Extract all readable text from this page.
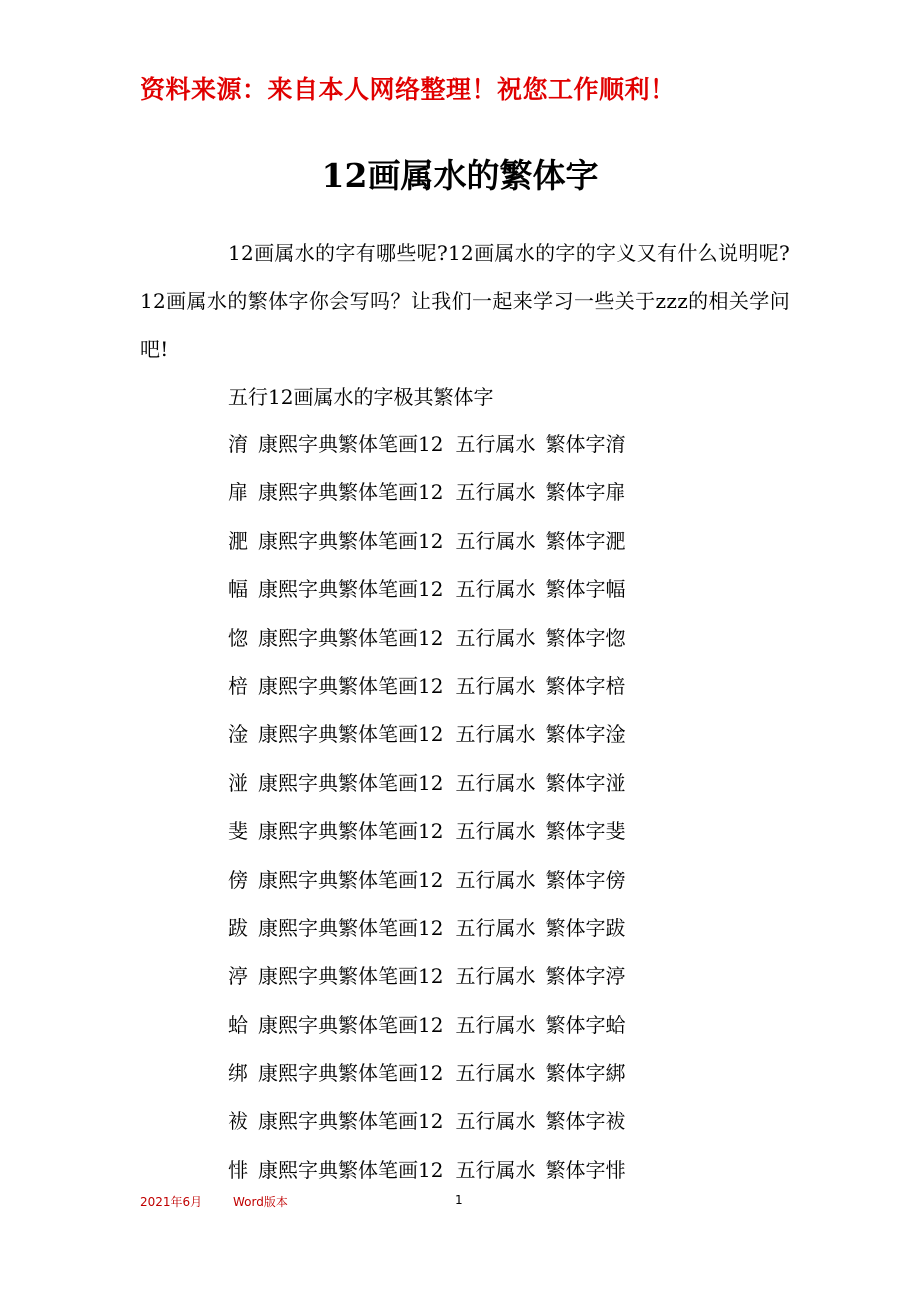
资料来源：来自本人网络整理！祝您工作顺利！
12画属水的繁体字

12画属水的字有哪些呢?12画属水的字的字义又有什么说明呢?12画属水的繁体字你会写吗？让我们一起来学习一些关于zzz的相关学问吧!

五行12画属水的字极其繁体字
淯 康熙字典繁体笔画12 五行属水 繁体字淯
扉 康熙字典繁体笔画12 五行属水 繁体字扉
淝 康熙字典繁体笔画12 五行属水 繁体字淝
幅 康熙字典繁体笔画12 五行属水 繁体字幅
惚 康熙字典繁体笔画12 五行属水 繁体字惚
棓 康熙字典繁体笔画12 五行属水 繁体字棓
淦 康熙字典繁体笔画12 五行属水 繁体字淦
湴 康熙字典繁体笔画12 五行属水 繁体字湴
斐 康熙字典繁体笔画12 五行属水 繁体字斐
傍 康熙字典繁体笔画12 五行属水 繁体字傍
跋 康熙字典繁体笔画12 五行属水 繁体字跋
渟 康熙字典繁体笔画12 五行属水 繁体字渟
蛤 康熙字典繁体笔画12 五行属水 繁体字蛤
绑 康熙字典繁体笔画12 五行属水 繁体字綁
袚 康熙字典繁体笔画12 五行属水 繁体字袚
悱 康熙字典繁体笔画12 五行属水 繁体字悱
2021年6月	Word版本	1
